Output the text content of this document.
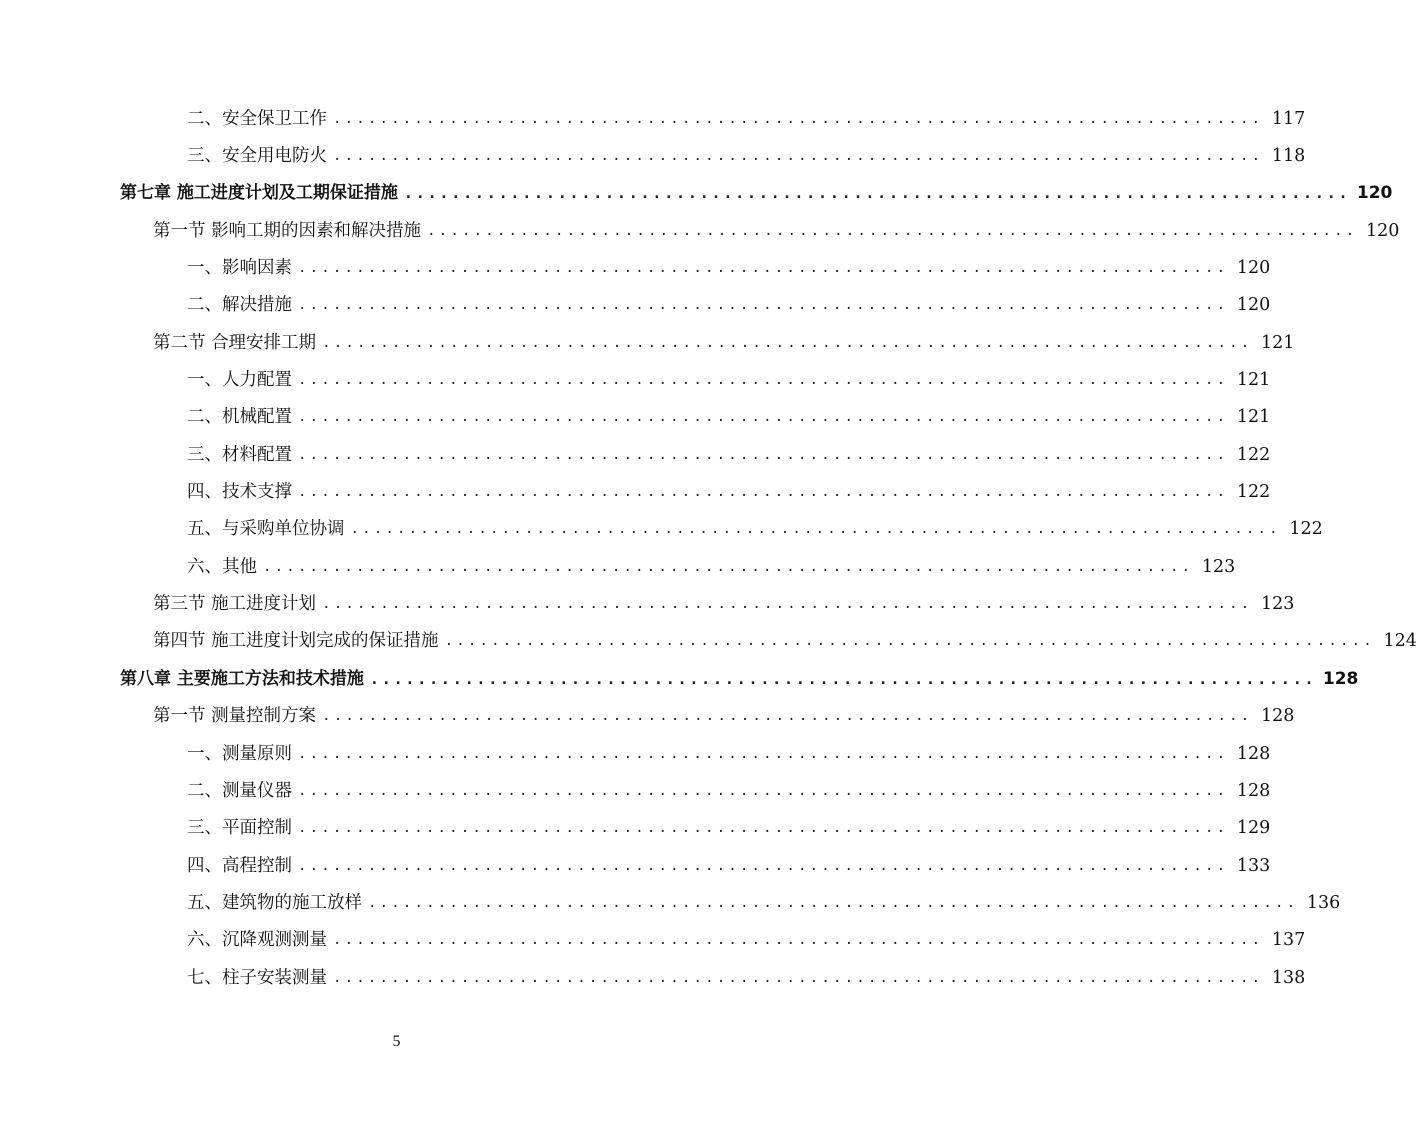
二、安全保卫工作 ................................................................................ 117
三、安全用电防火 ................................................................................ 118
第七章 施工进度计划及工期保证措施 ................................................................................ 120
第一节 影响工期的因素和解决措施 ................................................................................ 120
一、影响因素 ................................................................................ 120
二、解决措施 ................................................................................ 120
第二节 合理安排工期 ................................................................................ 121
一、人力配置 ................................................................................ 121
二、机械配置 ................................................................................ 121
三、材料配置 ................................................................................ 122
四、技术支撑 ................................................................................ 122
五、与采购单位协调 ................................................................................ 122
六、其他 ................................................................................ 123
第三节 施工进度计划 ................................................................................ 123
第四节 施工进度计划完成的保证措施 ................................................................................ 124
第八章 主要施工方法和技术措施 ................................................................................ 128
第一节 测量控制方案 ................................................................................ 128
一、测量原则 ................................................................................ 128
二、测量仪器 ................................................................................ 128
三、平面控制 ................................................................................ 129
四、高程控制 ................................................................................ 133
五、建筑物的施工放样 ................................................................................ 136
六、沉降观测测量 ................................................................................ 137
七、柱子安装测量 ................................................................................ 138
5
